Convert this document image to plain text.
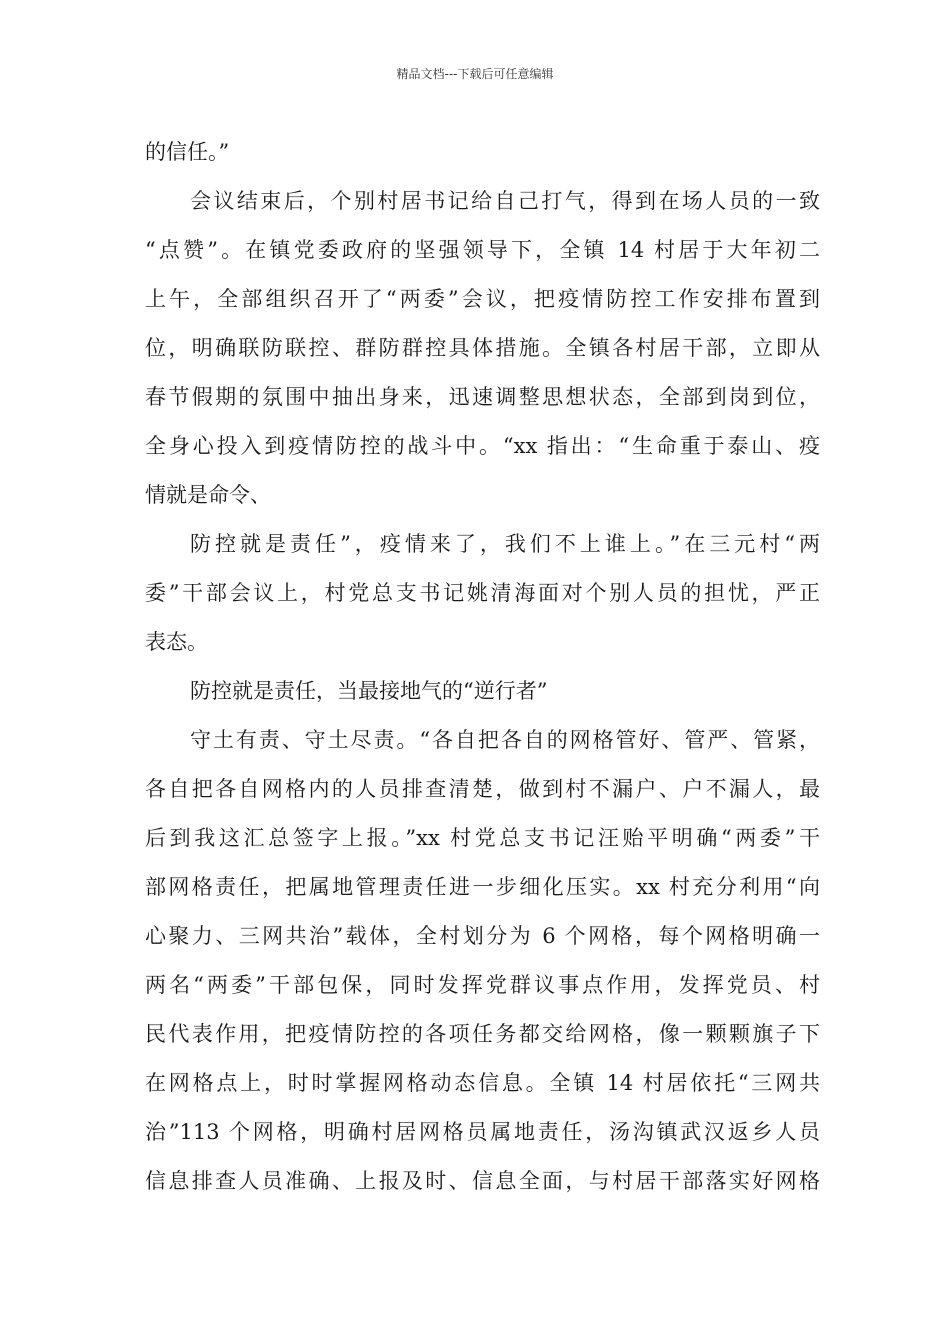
精品文档---下载后可任意编辑
的信任。”
会议结束后，个别村居书记给自己打气，得到在场人员的一致
“点赞”。在镇党委政府的坚强领导下，全镇 14 村居于大年初二
上午，全部组织召开了“两委”会议，把疫情防控工作安排布置到
位，明确联防联控、群防群控具体措施。全镇各村居干部，立即从
春节假期的氛围中抽出身来，迅速调整思想状态，全部到岗到位，
全身心投入到疫情防控的战斗中。“xx 指出：“生命重于泰山、疫
情就是命令、
防控就是责任”，疫情来了，我们不上谁上。”在三元村“两
委”干部会议上，村党总支书记姚清海面对个别人员的担忧，严正
表态。
防控就是责任，当最接地气的“逆行者”
守土有责、守土尽责。“各自把各自的网格管好、管严、管紧，
各自把各自网格内的人员排查清楚，做到村不漏户、户不漏人，最
后到我这汇总签字上报。”xx 村党总支书记汪贻平明确“两委”干
部网格责任，把属地管理责任进一步细化压实。xx 村充分利用“向
心聚力、三网共治”载体，全村划分为 6 个网格，每个网格明确一
两名“两委”干部包保，同时发挥党群议事点作用，发挥党员、村
民代表作用，把疫情防控的各项任务都交给网格，像一颗颗旗子下
在网格点上，时时掌握网格动态信息。全镇 14 村居依托“三网共
治”113 个网格，明确村居网格员属地责任，汤沟镇武汉返乡人员
信息排查人员准确、上报及时、信息全面，与村居干部落实好网格
